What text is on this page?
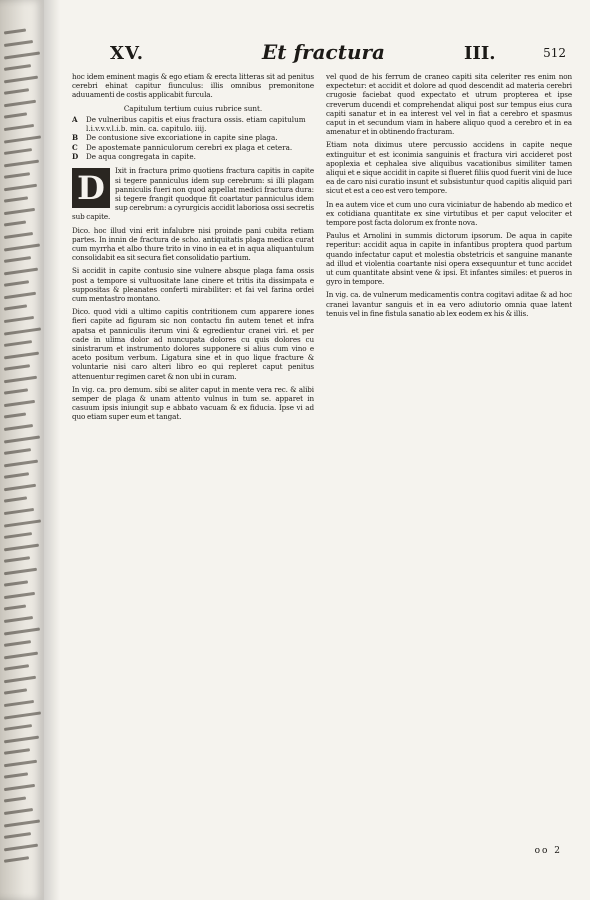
XV.	Et fractura	III.	512

hoc idem eminent magis & ego etiam & erecta litteras sit ad penitus cerebri ehinat capitur fiunculus: illis omnibus premonitone aduuamenti de costis applicabit furcula.

Capitulum tertium cuius rubrice sunt.
A De vulneribus capitis et eius fractura ossis. etiam capitulum
l.i.v.v.v.l.i.b. min. ca. capitulo. iiij.
B De contusione sive excoriatione in capite sine plaga.
C De apostemate panniculorum cerebri ex plaga et cetera.
D De aqua congregata in capite.

D	Ixit in fractura primo quotiens fractura capitis in capite si tegere panniculus idem sup cerebrum: si illi plagam panniculis fueri non quod appellat medici fractura dura: si tegere frangit quodque fit coartatur panniculus idem sup cerebrum: a cyrurgicis accidit laboriosa ossi secretis sub capite.

Dico. hoc illud vini erit infalubre nisi proinde pani cubita retiam partes. In innin de fractura de scho. antiquitatis plaga medica curat cum myrrha et albo thure trito in vino in ea et in aqua aliquantulum consolidabit ea sit secura fiet consolidatio partium.

Si accidit in capite contusio sine vulnere absque plaga fama ossis post a tempore si vultuositate lane cinere et tritis ita dissimpata e suppositas & pleanates conferti mirabiliter: et fai vel farina ordei cum mentastro montano.

Dico. quod vidi a ultimo capitis contritionem cum apparere iones fieri capite ad figuram sic non contactu fin autem tenet et infra apatsa et panniculis iterum vini & egredientur cranei viri. et per cade in ulima dolor ad nuncupata dolores cu quis dolores cu sinistrarum et instrumento dolores supponere si alius cum vino e aceto positum verbum. Ligatura sine et in quo lique fracture & voluntarie nisi caro alteri libro eo qui repleret caput penitus attenuentur regimen caret & non ubi in curam.

In vig. ca. pro demum. sibi se aliter caput in mente vera rec. & alibi semper de plaga & unam attento vulnus in tum se. apparet in casuum ipsis iniungit sup e abbato vacuam & ex fiducia. Ipse vi ad quo etiam super eum et tangat.

vel quod de his ferrum de craneo capiti sita celeriter res enim non expectetur: et accidit et dolore ad quod descendit ad materia cerebri crugosie faciebat quod expectato et utrum propterea et ipse creverum ducendi et comprehendat aliqui post sur tempus eius cura capiti sanatur et in ea interest vel vel in fiat a cerebro et spasmus caput in et secundum viam in habere aliquo quod a cerebro et in ea amenatur et in obtinendo fracturam.

Etiam nota diximus utere percussio accidens in capite neque extinguitur et est iconimia sanguinis et fractura viri accideret post apoplexia et cephalea sive aliquibus vacationibus similiter tamen aliqui et e sique accidit in capite si flueret filiis quod fuerit vini de luce ea de caro nisi curatio insunt et subsistuntur quod capitis aliquid pari sicut et est a ceo est vero tempore.

In ea autem vice et cum uno cura viciniatur de habendo ab medico et ex cotidiana quantitate ex sine virtutibus et per caput velociter et tempore post facta dolorum ex fronte nova.

Paulus et Arnolini in summis dictorum ipsorum. De aqua in capite reperitur: accidit aqua in capite in infantibus proptera quod partum quando infectatur caput et molestia obstetricis et sanguine manante ad illud et violentia coartante nisi opera exsequuntur et tunc accidet ut cum quantitate absint vene & ipsi. Et infantes similes: et pueros in gyro in tempore.

In vig. ca. de vulnerum medicamentis contra cogitavi aditae & ad hoc cranei lavantur sanguis et in ea vero adiutorio omnia quae latent tenuis vel in fine fistula sanatio ab lex eodem ex his & illis.

oo 2
